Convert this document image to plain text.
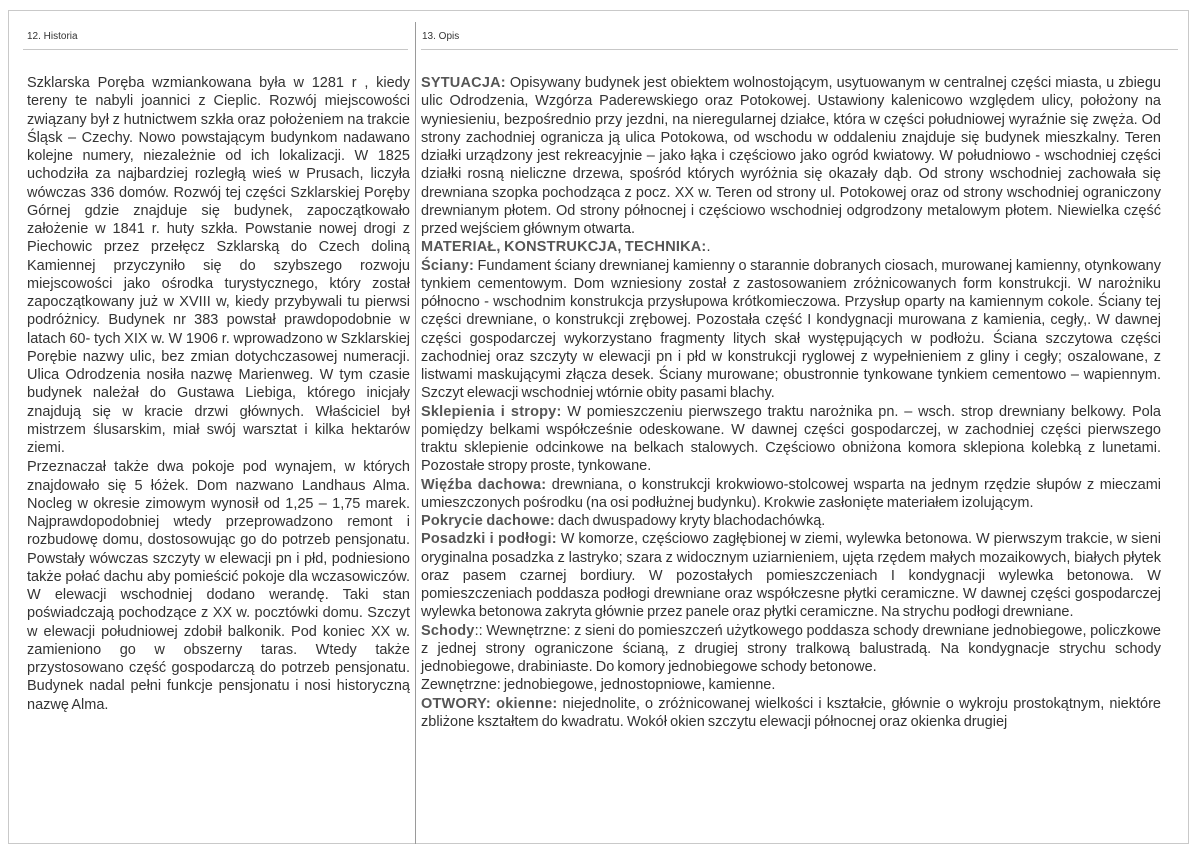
12. Historia	13. Opis

Szklarska Poręba wzmiankowana była w 1281 r , kiedy tereny te nabyli joannici z Cieplic. Rozwój miejscowości związany był z hutnictwem szkła oraz położeniem na trakcie Śląsk – Czechy. Nowo powstającym budynkom nadawano kolejne numery, niezależnie od ich lokalizacji. W 1825 uchodziła za najbardziej rozległą wieś w Prusach, liczyła wówczas 336 domów. Rozwój tej części Szklarskiej Poręby Górnej gdzie znajduje się budynek, zapoczątkowało założenie w 1841 r. huty szkła. Powstanie nowej drogi z Piechowic przez przełęcz Szklarską do Czech doliną Kamiennej przyczyniło się do szybszego rozwoju miejscowości jako ośrodka turystycznego, który został zapoczątkowany już w XVIII w, kiedy przybywali tu pierwsi podróżnicy. Budynek nr 383 powstał prawdopodobnie w latach 60- tych XIX w. W 1906 r. wprowadzono w Szklarskiej Porębie nazwy ulic, bez zmian dotychczasowej numeracji. Ulica Odrodzenia nosiła nazwę Marienweg. W tym czasie budynek należał do Gustawa Liebiga, którego inicjały znajdują się w kracie drzwi głównych. Właściciel był mistrzem ślusarskim, miał swój warsztat i kilka hektarów ziemi.

Przeznaczał także dwa pokoje pod wynajem, w których znajdowało się 5 łóżek. Dom nazwano Landhaus Alma. Nocleg w okresie zimowym wynosił od 1,25 – 1,75 marek. Najprawdopodobniej wtedy przeprowadzono remont i rozbudowę domu, dostosowując go do potrzeb pensjonatu. Powstały wówczas szczyty w elewacji pn i płd, podniesiono także połać dachu aby pomieścić pokoje dla wczasowiczów. W elewacji wschodniej dodano werandę. Taki stan poświadczają pochodzące z XX w. pocztówki domu. Szczyt w elewacji południowej zdobił balkonik. Pod koniec XX w. zamieniono go w obszerny taras. Wtedy także przystosowano część gospodarczą do potrzeb pensjonatu. Budynek nadal pełni funkcje pensjonatu i nosi historyczną nazwę Alma.

SYTUACJA: Opisywany budynek jest obiektem wolnostojącym, usytuowanym w centralnej części miasta, u zbiegu ulic Odrodzenia, Wzgórza Paderewskiego oraz Potokowej. Ustawiony kalenicowo względem ulicy, położony na wyniesieniu, bezpośrednio przy jezdni, na nieregularnej działce, która w części południowej wyraźnie się zwęża. Od strony zachodniej ogranicza ją ulica Potokowa, od wschodu w oddaleniu znajduje się budynek mieszkalny. Teren działki urządzony jest rekreacyjnie – jako łąka i częściowo jako ogród kwiatowy. W południowo - wschodniej części działki rosną nieliczne drzewa, spośród których wyróżnia się okazały dąb. Od strony wschodniej zachowała się drewniana szopka pochodząca z pocz. XX w. Teren od strony ul. Potokowej oraz od strony wschodniej ograniczony drewnianym płotem. Od strony północnej i częściowo wschodniej odgrodzony metalowym płotem. Niewielka część przed wejściem głównym otwarta.

MATERIAŁ, KONSTRUKCJA, TECHNIKA:.

Ściany: Fundament ściany drewnianej kamienny o starannie dobranych ciosach, murowanej kamienny, otynkowany tynkiem cementowym. Dom wzniesiony został z zastosowaniem zróżnicowanych form konstrukcji. W narożniku północno - wschodnim konstrukcja przysłupowa krótkomieczowa. Przysłup oparty na kamiennym cokole. Ściany tej części drewniane, o konstrukcji zrębowej. Pozostała część I kondygnacji murowana z kamienia, cegły,. W dawnej części gospodarczej wykorzystano fragmenty litych skał występujących w podłożu. Ściana szczytowa części zachodniej oraz szczyty w elewacji pn i płd w konstrukcji ryglowej z wypełnieniem z gliny i cegły; oszalowane, z listwami maskującymi złącza desek. Ściany murowane; obustronnie tynkowane tynkiem cementowo – wapiennym. Szczyt elewacji wschodniej wtórnie obity pasami blachy.

Sklepienia i stropy: W pomieszczeniu pierwszego traktu narożnika pn. – wsch. strop drewniany belkowy. Pola pomiędzy belkami współcześnie odeskowane. W dawnej części gospodarczej, w zachodniej części pierwszego traktu sklepienie odcinkowe na belkach stalowych. Częściowo obniżona komora sklepiona kolebką z lunetami. Pozostałe stropy proste, tynkowane.

Więźba dachowa: drewniana, o konstrukcji krokwiowo-stolcowej wsparta na jednym rzędzie słupów z mieczami umieszczonych pośrodku (na osi podłużnej budynku). Krokwie zasłonięte materiałem izolującym.

Pokrycie dachowe: dach dwuspadowy kryty blachodachówką.

Posadzki i podłogi: W komorze, częściowo zagłębionej w ziemi, wylewka betonowa. W pierwszym trakcie, w sieni oryginalna posadzka z lastryko; szara z widocznym uziarnieniem, ujęta rzędem małych mozaikowych, białych płytek oraz pasem czarnej bordiury. W pozostałych pomieszczeniach I kondygnacji wylewka betonowa. W pomieszczeniach poddasza podłogi drewniane oraz współczesne płytki ceramiczne. W dawnej części gospodarczej wylewka betonowa zakryta głównie przez panele oraz płytki ceramiczne. Na strychu podłogi drewniane.

Schody:: Wewnętrzne: z sieni do pomieszczeń użytkowego poddasza schody drewniane jednobiegowe, policzkowe z jednej strony ograniczone ścianą, z drugiej strony tralkową balustradą. Na kondygnacje strychu schody jednobiegowe, drabiniaste. Do komory jednobiegowe schody betonowe.

Zewnętrzne: jednobiegowe, jednostopniowe, kamienne.

OTWORY: okienne: niejednolite, o zróżnicowanej wielkości i kształcie, głównie o wykroju prostokątnym, niektóre zbliżone kształtem do kwadratu. Wokół okien szczytu elewacji północnej oraz okienka drugiej
